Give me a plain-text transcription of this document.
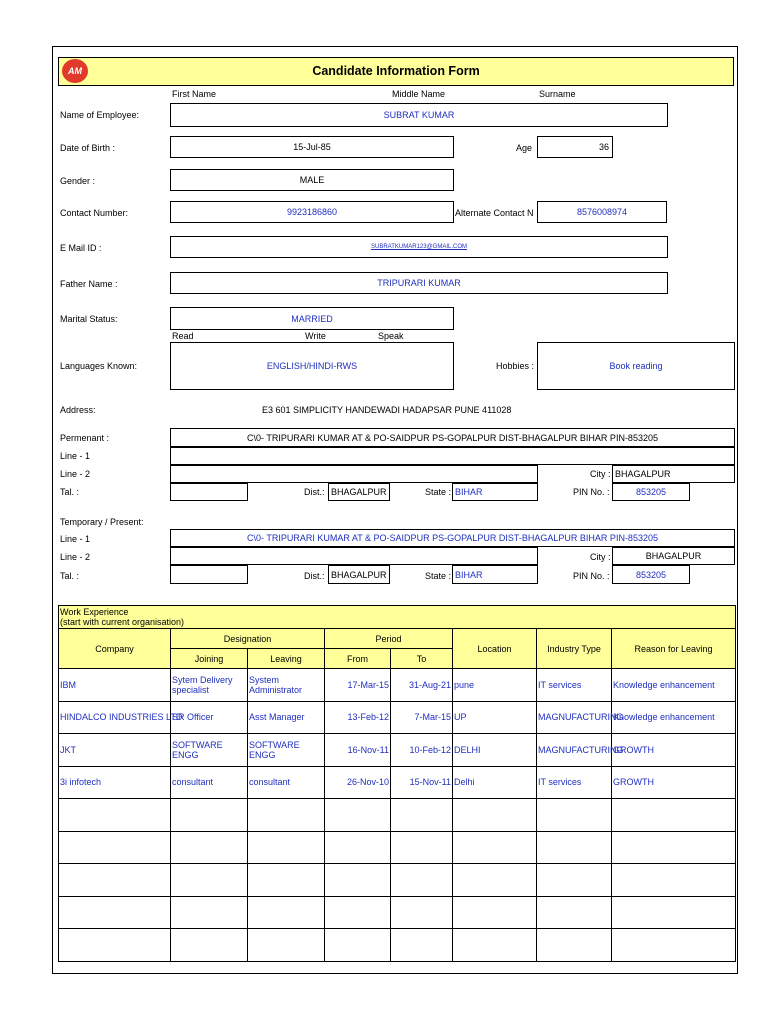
Candidate Information Form
AM
First Name	Middle Name	Surname
Name of Employee:	SUBRAT KUMAR
Date of Birth :	15-Jul-85	Age	36
Gender :	MALE
Contact Number:	9923186860	Alternate Contact N	8576008974
E Mail ID :	SUBRATKUMAR123@GMAIL.COM
Father Name :	TRIPURARI KUMAR
Marital Status:	MARRIED
Read	Write	Speak
Languages Known:	ENGLISH/HINDI-RWS	Hobbies :	Book reading
Address:	E3 601 SIMPLICITY HANDEWADI HADAPSAR PUNE 411028
Permenant :	C\0- TRIPURARI KUMAR AT & PO-SAIDPUR PS-GOPALPUR DIST-BHAGALPUR BIHAR PIN-853205
Line - 1
Line - 2	City : BHAGALPUR
Tal. :	Dist.: BHAGALPUR	State : BIHAR	PIN No. :	853205
Temporary / Present:
Line - 1	C\0- TRIPURARI KUMAR AT & PO-SAIDPUR PS-GOPALPUR DIST-BHAGALPUR BIHAR PIN-853205
Line - 2	City :	BHAGALPUR
Tal. :	Dist.: BHAGALPUR	State : BIHAR	PIN No. :	853205
Work Experience
(start with current organisation)							

Company	Designation		Period		Location	Industry Type	Reason for Leaving
	Joining	Leaving	From	To			

IBM	Sytem Delivery specialist	System Administrator	17-Mar-15	31-Aug-21	pune	IT services	Knowledge enhancement

HINDALCO INDUSTRIES LTD	SR Officer	Asst Manager	13-Feb-12	7-Mar-15	UP	MAGNUFACTURING	Knowledge enhancement

JKT	SOFTWARE ENGG	SOFTWARE ENGG	16-Nov-11	10-Feb-12	DELHI	MAGNUFACTURING	GROWTH

3i infotech	consultant	consultant	26-Nov-10	15-Nov-11	Delhi	IT services	GROWTH
